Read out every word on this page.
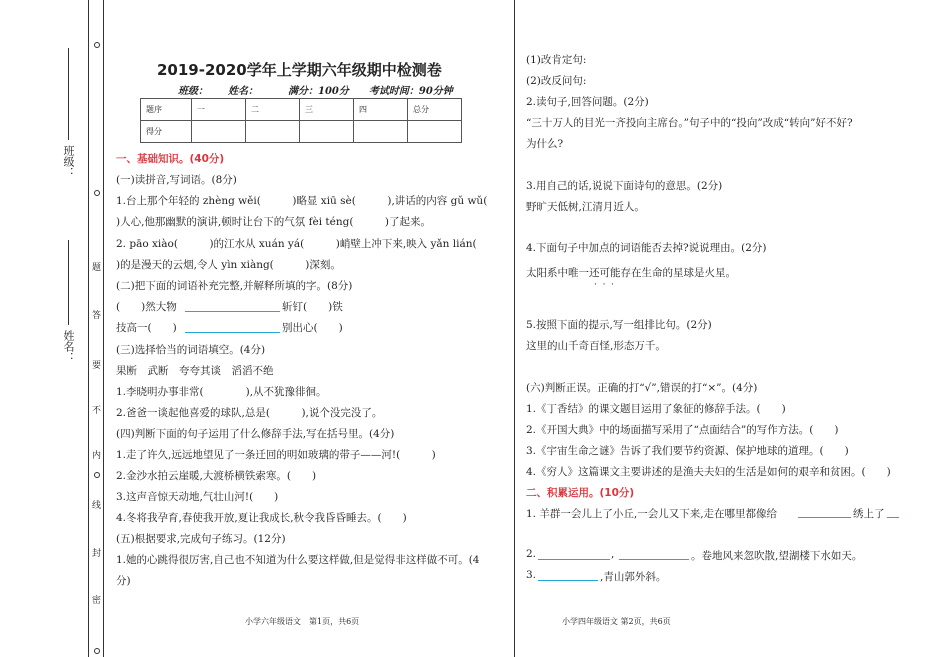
班级：
姓名：
题
答
要
不
内
线
封
密
2019-2020学年上学期六年级期中检测卷
班级：　　姓名：　　　满分：100分　　考试时间：90分钟
题序	一	二	三	四	总分
得分					
一、基础知识。(40分)
(一)读拼音,写词语。(8分)
1.台上那个年轻的 zhèng wěi(　　　)略显 xiū sè(　　　),讲话的内容 gǔ wǔ(
)人心,他那幽默的演讲,顿时让台下的气氛 fèi téng(　　　)了起来。
2. pāo xiào(　　　)的江水从 xuán yá(　　　)峭壁上冲下来,映入 yǎn lián(
)的是漫天的云烟,令人 yìn xiàng(　　　)深刻。
(二)把下面的词语补充完整,并解释所填的字。(8分)
(　　)然大物	斩钉(　　)铁
技高一(　　)	别出心(　　)
(三)选择恰当的词语填空。(4分)
果断　武断　夸夸其谈　滔滔不绝
1.李晓明办事非常(　　　　),从不犹豫徘徊。
2.爸爸一谈起他喜爱的球队,总是(　　　),说个没完没了。
(四)判断下面的句子运用了什么修辞手法,写在括号里。(4分)
1.走了许久,远远地望见了一条迁回的明如玻璃的带子——河!(　　　)
2.金沙水拍云崖暖,大渡桥横铁索寒。(　　)
3.这声音惊天动地,气壮山河!(　　)
4.冬将我孕育,春使我开放,夏让我成长,秋令我昏昏睡去。(　　)
(五)根据要求,完成句子练习。(12分)
1.她的心跳得很厉害,自己也不知道为什么要这样做,但是觉得非这样做不可。(4
分)
小学六年级语文　第1页，共6页
(1)改肯定句:
(2)改反问句:
2.读句子,回答问题。(2分)
“三十万人的目光一齐投向主席台。”句子中的“投向”改成“转向”好不好?
为什么?
3.用自己的话,说说下面诗句的意思。(2分)
野旷天低树,江清月近人。
4.下面句子中加点的词语能否去掉?说说理由。(2分)
太阳系中唯一还可能存在生命的星球是火星。
·  ·  ·
5.按照下面的提示,写一组排比句。(2分)
这里的山千奇百怪,形态万千。
(六)判断正误。正确的打“√”,错误的打“×”。(4分)
1.《丁香结》的课文题目运用了象征的修辞手法。(　　)
2.《开国大典》中的场面描写采用了“点面结合”的写作方法。(　　)
3.《宇宙生命之谜》告诉了我们要节约资源、保护地球的道理。(　　)
4.《穷人》这篇课文主要讲述的是渔夫夫妇的生活是如何的艰辛和贫困。(　　)
二、积累运用。(10分)
1. 羊群一会儿上了小丘,一会儿又下来,走在哪里都像给	绣上了
2.	,	。卷地风来忽吹散,望湖楼下水如天。
3.	,青山郭外斜。
小学四年级语文 第2页，共6页
